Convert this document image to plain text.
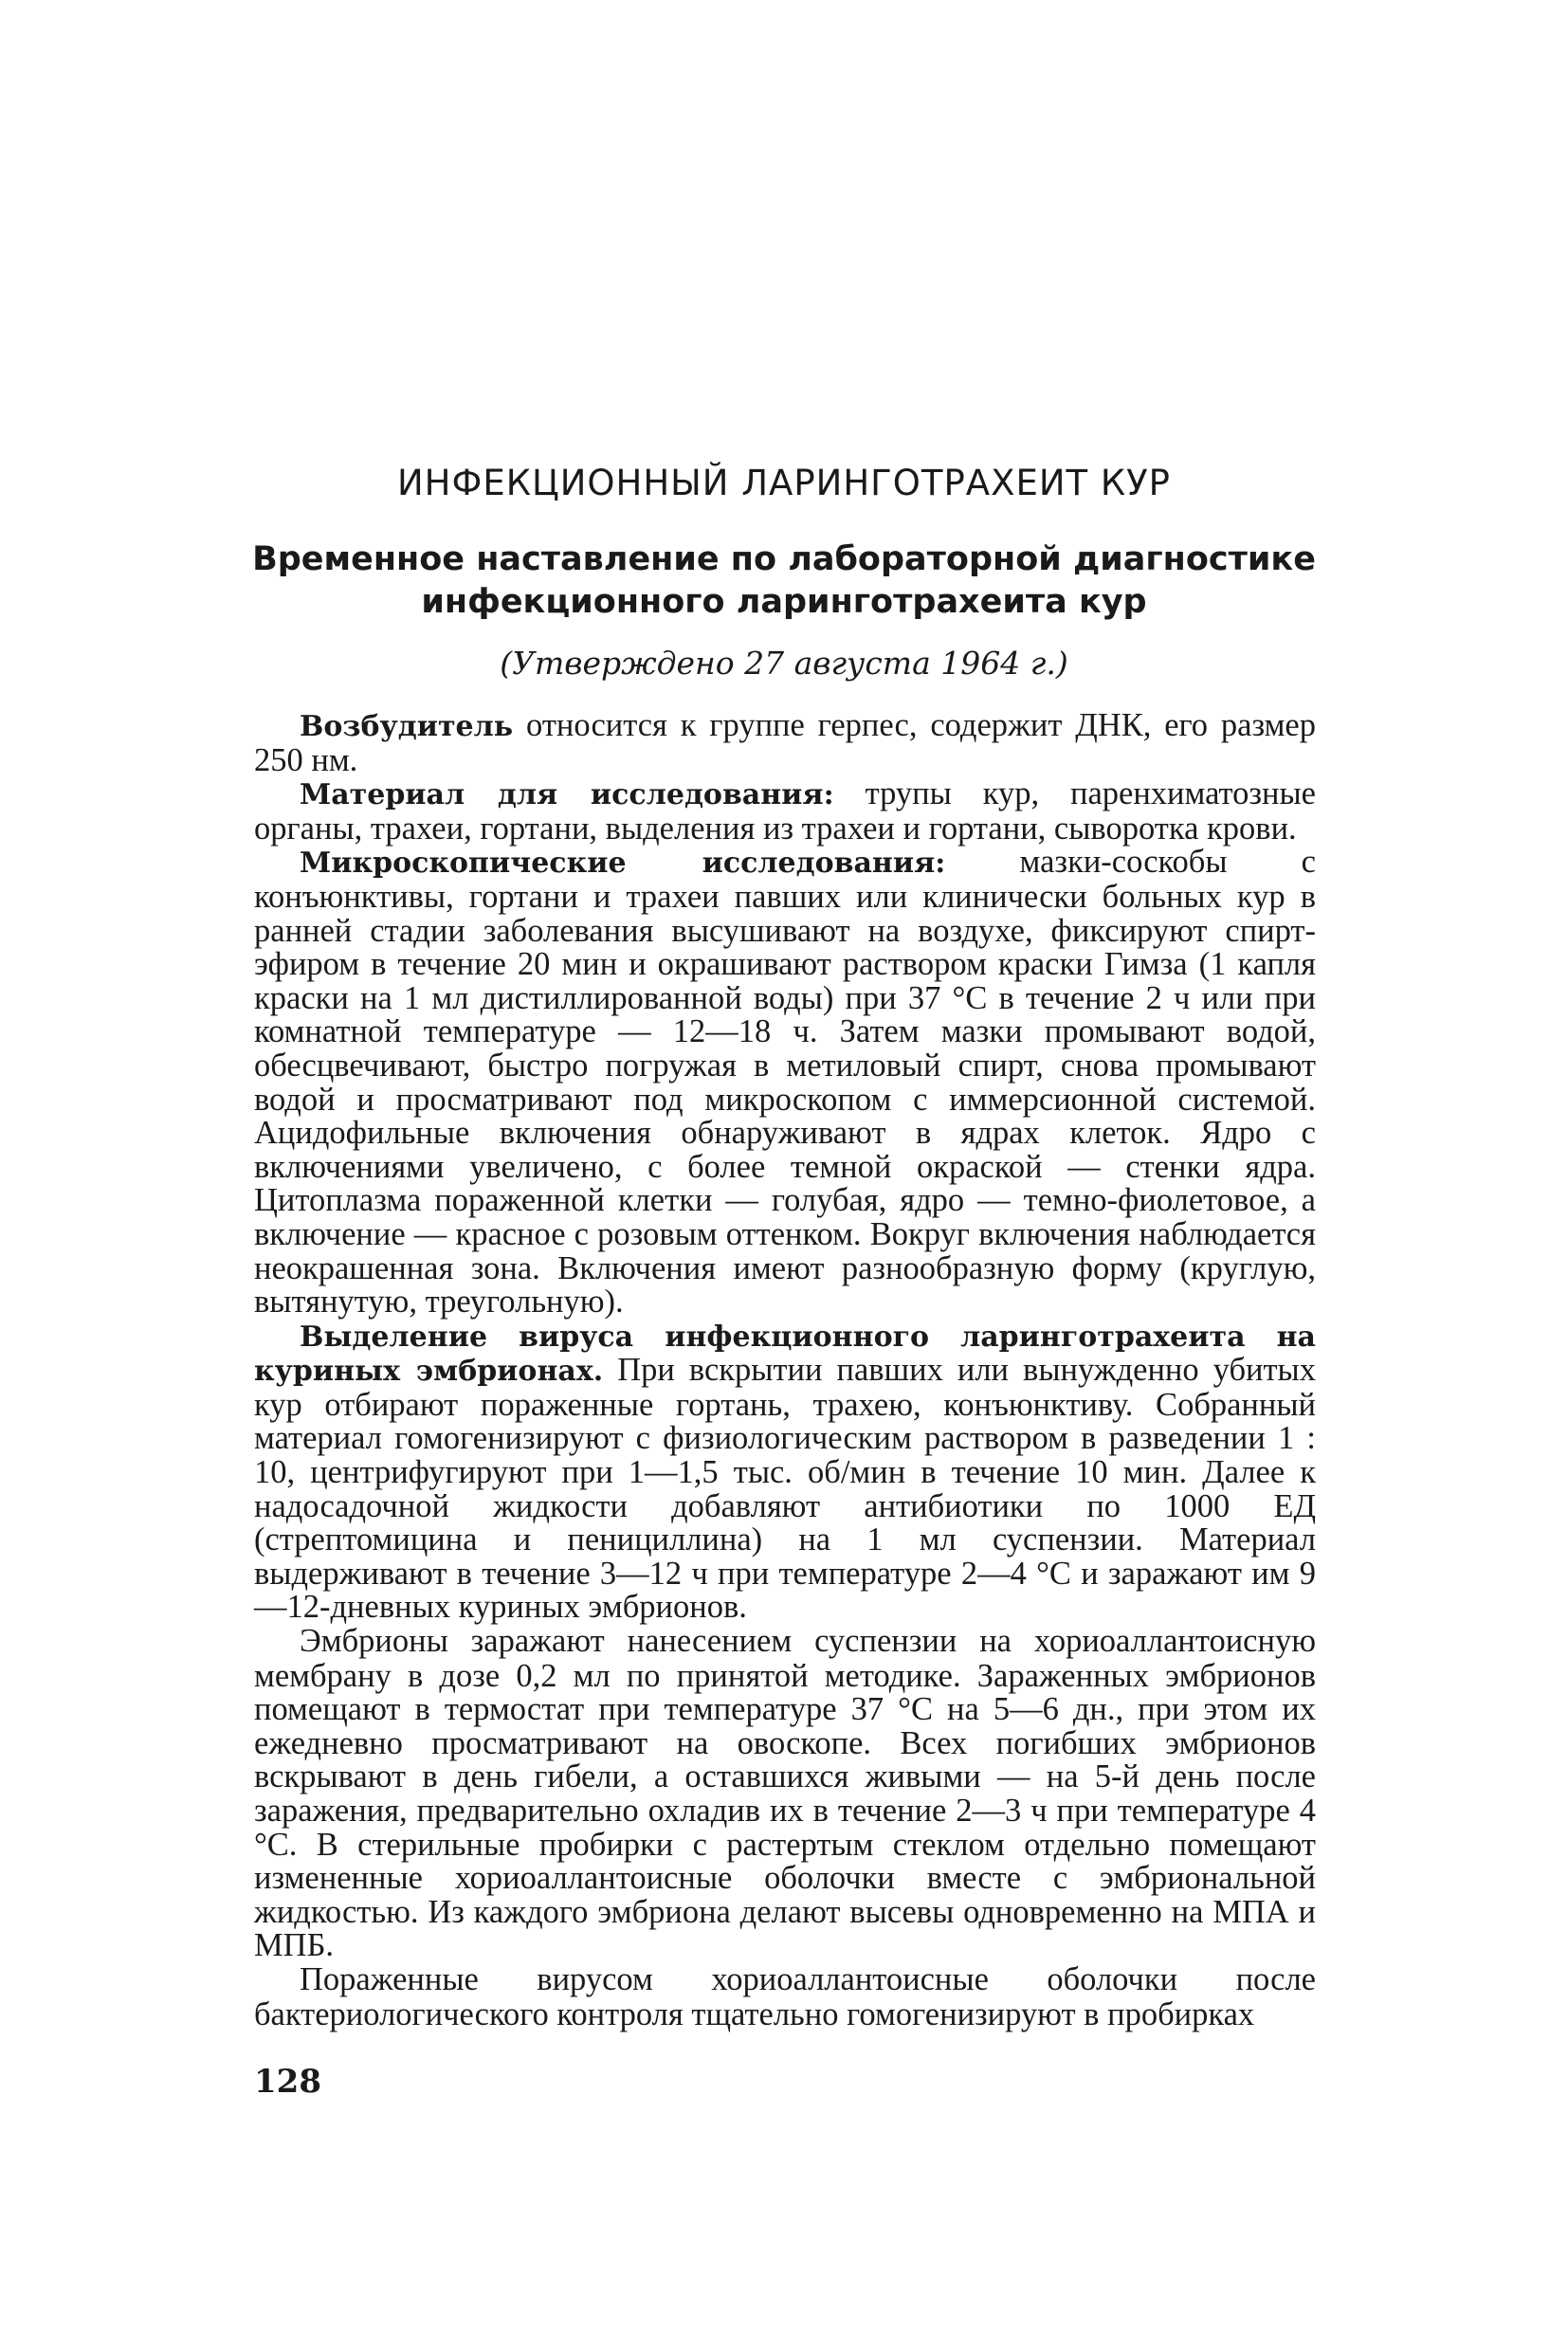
ИНФЕКЦИОННЫЙ ЛАРИНГОТРАХЕИТ КУР
Временное наставление по лабораторной диагностике
инфекционного ларинготрахеита кур

(Утверждено 27 августа 1964 г.)

Возбудитель относится к группе герпес, содержит ДНК, его размер 250 нм.

Материал для исследования: трупы кур, паренхиматозные органы, трахеи, гортани, выделения из трахеи и гортани, сыворотка крови.

Микроскопические исследования: мазки-соскобы с конъюнктивы, гортани и трахеи павших или клинически больных кур в ранней стадии заболевания высушивают на воздухе, фиксируют спирт-эфиром в течение 20 мин и окрашивают раствором краски Гимза (1 капля краски на 1 мл дистиллированной воды) при 37 °С в течение 2 ч или при комнатной температуре — 12—18 ч. Затем мазки промывают водой, обесцвечивают, быстро погружая в метиловый спирт, снова промывают водой и просматривают под микроскопом с иммерсионной системой. Ацидофильные включения обнаруживают в ядрах клеток. Ядро с включениями увеличено, с более темной окраской — стенки ядра. Цитоплазма пораженной клетки — голубая, ядро — темно-фиолетовое, а включение — красное с розовым оттенком. Вокруг включения наблюдается неокрашенная зона. Включения имеют разнообразную форму (круглую, вытянутую, треугольную).

Выделение вируса инфекционного ларинготрахеита на куриных эмбрионах. При вскрытии павших или вынужденно убитых кур отбирают пораженные гортань, трахею, конъюнктиву. Собранный материал гомогенизируют с физиологическим раствором в разведении 1 : 10, центрифугируют при 1—1,5 тыс. об/мин в течение 10 мин. Далее к надосадочной жидкости добавляют антибиотики по 1000 ЕД (стрептомицина и пенициллина) на 1 мл суспензии. Материал выдерживают в течение 3—12 ч при температуре 2—4 °С и заражают им 9—12-дневных куриных эмбрионов.

Эмбрионы заражают нанесением суспензии на хориоаллантоисную мембрану в дозе 0,2 мл по принятой методике. Зараженных эмбрионов помещают в термостат при температуре 37 °С на 5—6 дн., при этом их ежедневно просматривают на овоскопе. Всех погибших эмбрионов вскрывают в день гибели, а оставшихся живыми — на 5-й день после заражения, предварительно охладив их в течение 2—3 ч при температуре 4 °С. В стерильные пробирки с растертым стеклом отдельно помещают измененные хориоаллантоисные оболочки вместе с эмбриональной жидкостью. Из каждого эмбриона делают высевы одновременно на МПА и МПБ.

Пораженные вирусом хориоаллантоисные оболочки после бактериологического контроля тщательно гомогенизируют в пробирках

128
